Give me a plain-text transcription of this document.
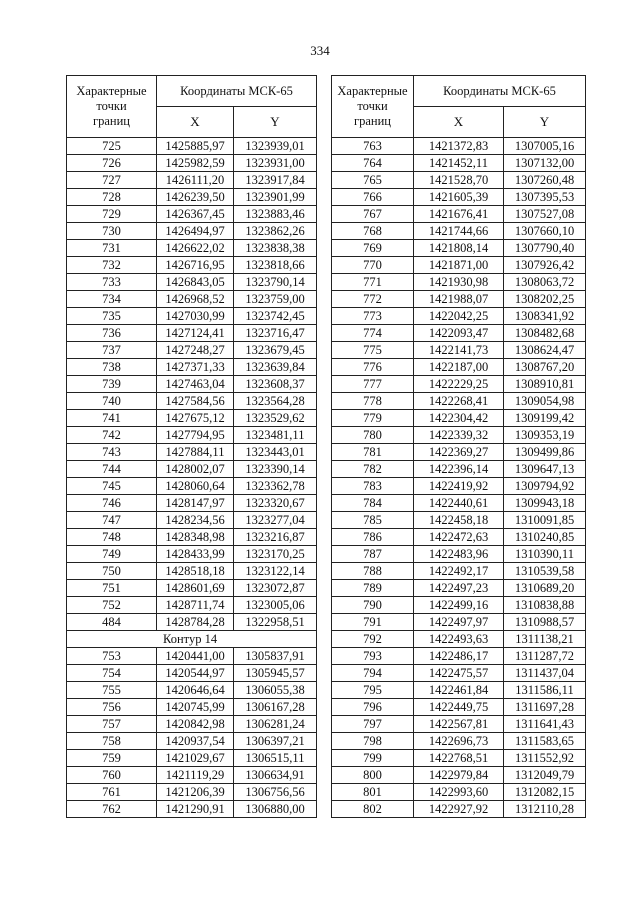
334
Характерные
точки
границ	Координаты МСК-65	
	X	Y
725	1425885,97	1323939,01
726	1425982,59	1323931,00
727	1426111,20	1323917,84
728	1426239,50	1323901,99
729	1426367,45	1323883,46
730	1426494,97	1323862,26
731	1426622,02	1323838,38
732	1426716,95	1323818,66
733	1426843,05	1323790,14
734	1426968,52	1323759,00
735	1427030,99	1323742,45
736	1427124,41	1323716,47
737	1427248,27	1323679,45
738	1427371,33	1323639,84
739	1427463,04	1323608,37
740	1427584,56	1323564,28
741	1427675,12	1323529,62
742	1427794,95	1323481,11
743	1427884,11	1323443,01
744	1428002,07	1323390,14
745	1428060,64	1323362,78
746	1428147,97	1323320,67
747	1428234,56	1323277,04
748	1428348,98	1323216,87
749	1428433,99	1323170,25
750	1428518,18	1323122,14
751	1428601,69	1323072,87
752	1428711,74	1323005,06
484	1428784,28	1322958,51
Контур 14		
753	1420441,00	1305837,91
754	1420544,97	1305945,57
755	1420646,64	1306055,38
756	1420745,99	1306167,28
757	1420842,98	1306281,24
758	1420937,54	1306397,21
759	1421029,67	1306515,11
760	1421119,29	1306634,91
761	1421206,39	1306756,56
762	1421290,91	1306880,00
Характерные
точки
границ	Координаты МСК-65	
	X	Y
763	1421372,83	1307005,16
764	1421452,11	1307132,00
765	1421528,70	1307260,48
766	1421605,39	1307395,53
767	1421676,41	1307527,08
768	1421744,66	1307660,10
769	1421808,14	1307790,40
770	1421871,00	1307926,42
771	1421930,98	1308063,72
772	1421988,07	1308202,25
773	1422042,25	1308341,92
774	1422093,47	1308482,68
775	1422141,73	1308624,47
776	1422187,00	1308767,20
777	1422229,25	1308910,81
778	1422268,41	1309054,98
779	1422304,42	1309199,42
780	1422339,32	1309353,19
781	1422369,27	1309499,86
782	1422396,14	1309647,13
783	1422419,92	1309794,92
784	1422440,61	1309943,18
785	1422458,18	1310091,85
786	1422472,63	1310240,85
787	1422483,96	1310390,11
788	1422492,17	1310539,58
789	1422497,23	1310689,20
790	1422499,16	1310838,88
791	1422497,97	1310988,57
792	1422493,63	1311138,21
793	1422486,17	1311287,72
794	1422475,57	1311437,04
795	1422461,84	1311586,11
796	1422449,75	1311697,28
797	1422567,81	1311641,43
798	1422696,73	1311583,65
799	1422768,51	1311552,92
800	1422979,84	1312049,79
801	1422993,60	1312082,15
802	1422927,92	1312110,28
